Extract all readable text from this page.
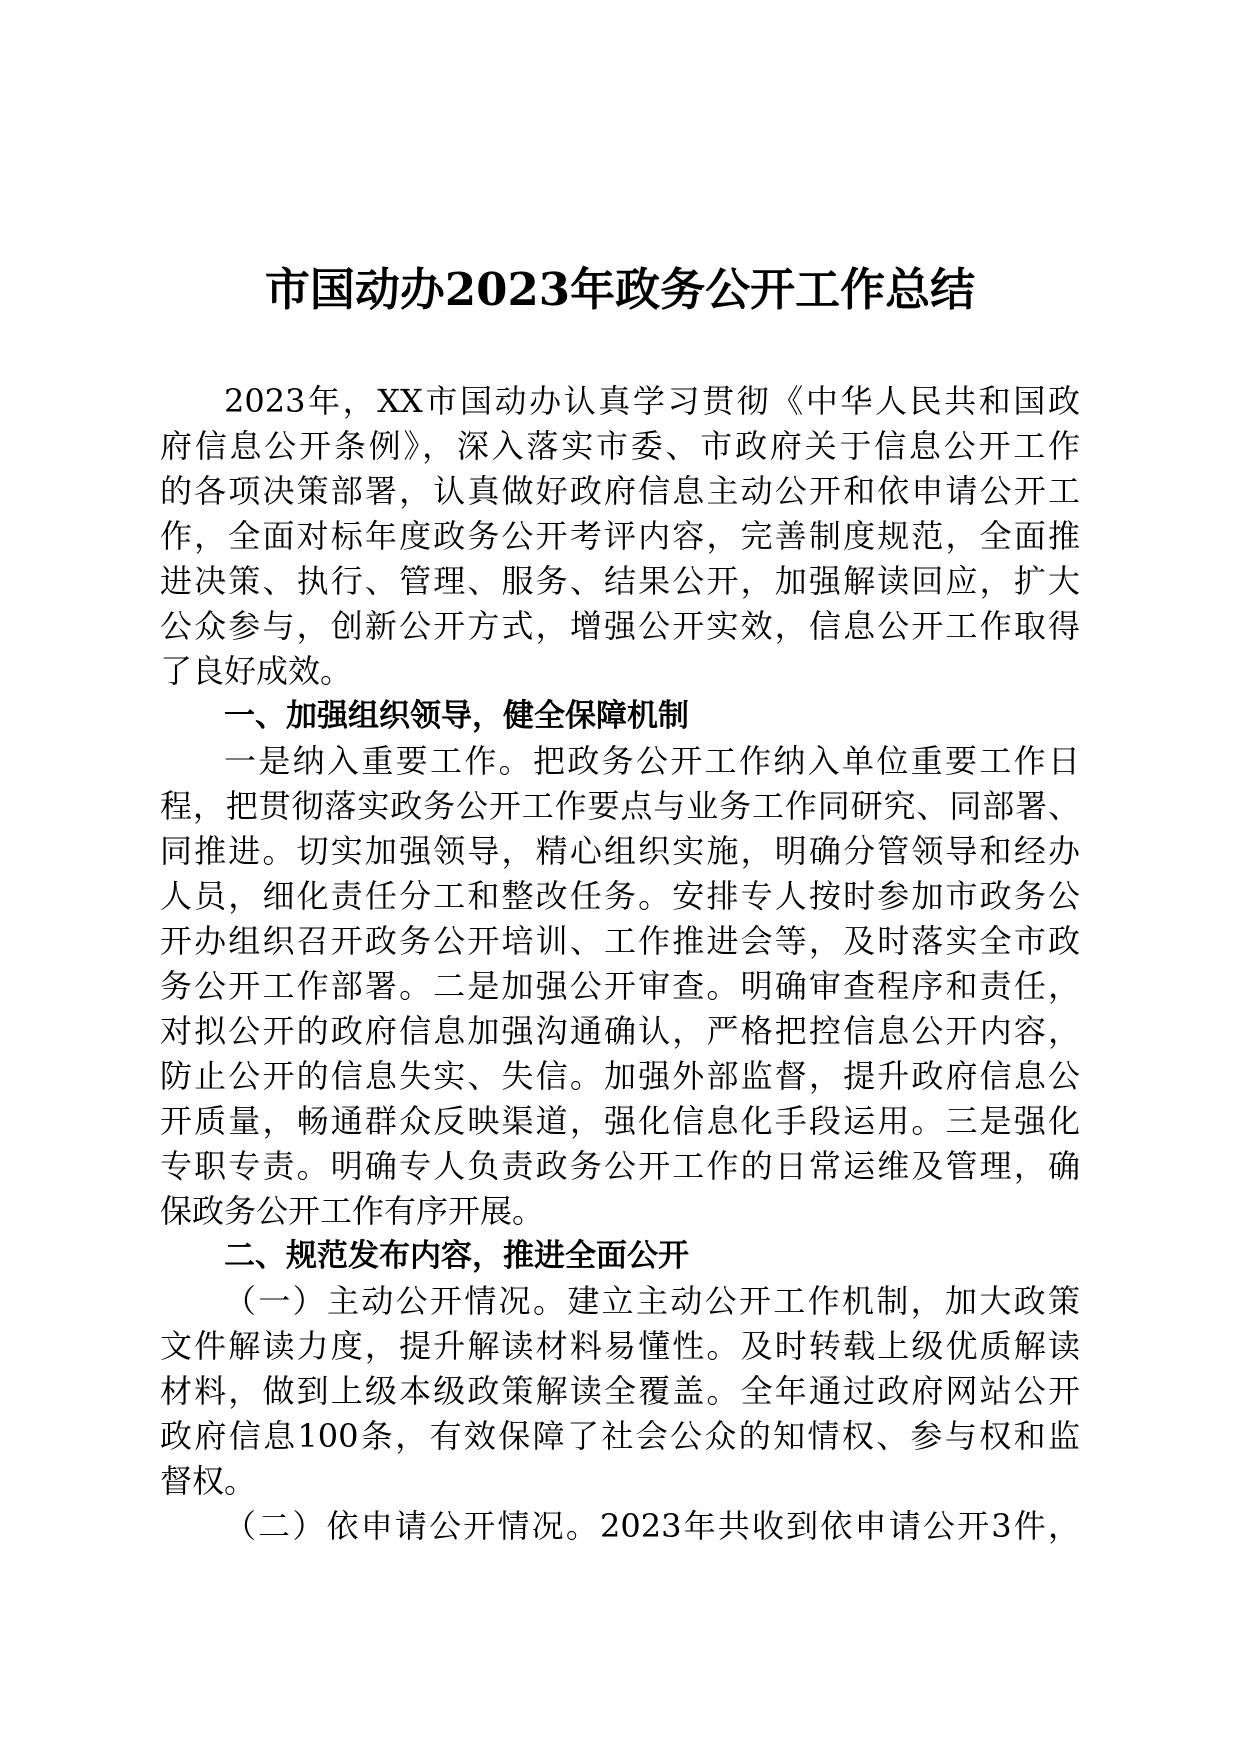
市国动办2023年政务公开工作总结
2023年，XX市国动办认真学习贯彻《中华人民共和国政
府信息公开条例》，深入落实市委、市政府关于信息公开工作
的各项决策部署，认真做好政府信息主动公开和依申请公开工
作，全面对标年度政务公开考评内容，完善制度规范，全面推
进决策、执行、管理、服务、结果公开，加强解读回应，扩大
公众参与，创新公开方式，增强公开实效，信息公开工作取得
了良好成效。
一、加强组织领导，健全保障机制
一是纳入重要工作。把政务公开工作纳入单位重要工作日
程，把贯彻落实政务公开工作要点与业务工作同研究、同部署、
同推进。切实加强领导，精心组织实施，明确分管领导和经办
人员，细化责任分工和整改任务。安排专人按时参加市政务公
开办组织召开政务公开培训、工作推进会等，及时落实全市政
务公开工作部署。二是加强公开审查。明确审查程序和责任，
对拟公开的政府信息加强沟通确认，严格把控信息公开内容，
防止公开的信息失实、失信。加强外部监督，提升政府信息公
开质量，畅通群众反映渠道，强化信息化手段运用。三是强化
专职专责。明确专人负责政务公开工作的日常运维及管理，确
保政务公开工作有序开展。
二、规范发布内容，推进全面公开
（一）主动公开情况。建立主动公开工作机制，加大政策
文件解读力度，提升解读材料易懂性。及时转载上级优质解读
材料，做到上级本级政策解读全覆盖。全年通过政府网站公开
政府信息100条，有效保障了社会公众的知情权、参与权和监
督权。
（二）依申请公开情况。2023年共收到依申请公开3件，
